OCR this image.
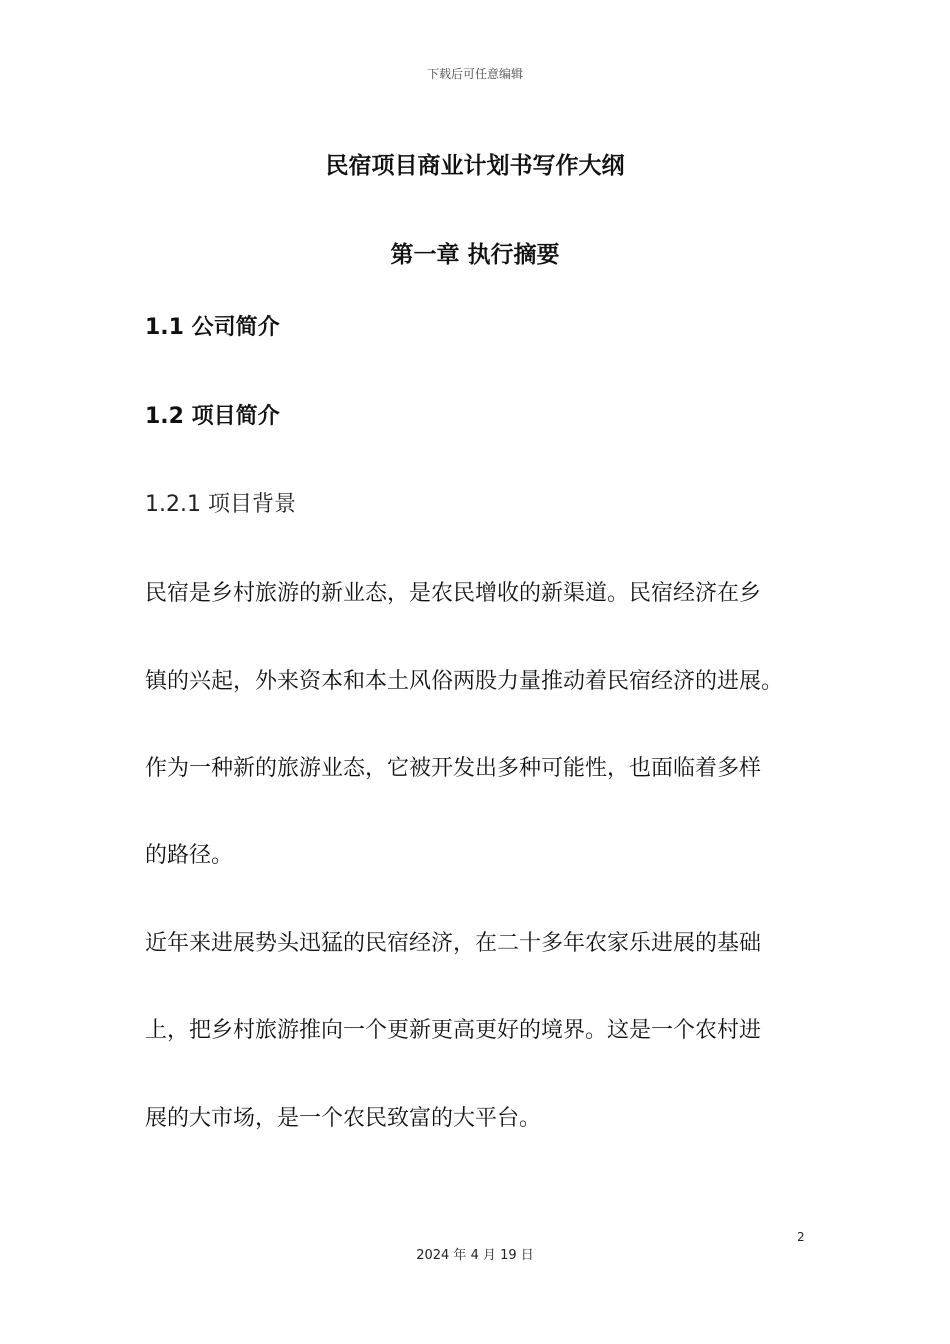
下载后可任意编辑
民宿项目商业计划书写作大纲
第一章 执行摘要
1.1 公司简介
1.2 项目简介
1.2.1 项目背景
民宿是乡村旅游的新业态，是农民增收的新渠道。民宿经济在乡
镇的兴起，外来资本和本土风俗两股力量推动着民宿经济的进展。
作为一种新的旅游业态，它被开发出多种可能性，也面临着多样
的路径。
近年来进展势头迅猛的民宿经济，在二十多年农家乐进展的基础
上，把乡村旅游推向一个更新更高更好的境界。这是一个农村进
展的大市场，是一个农民致富的大平台。
2
2024 年 4 月 19 日
